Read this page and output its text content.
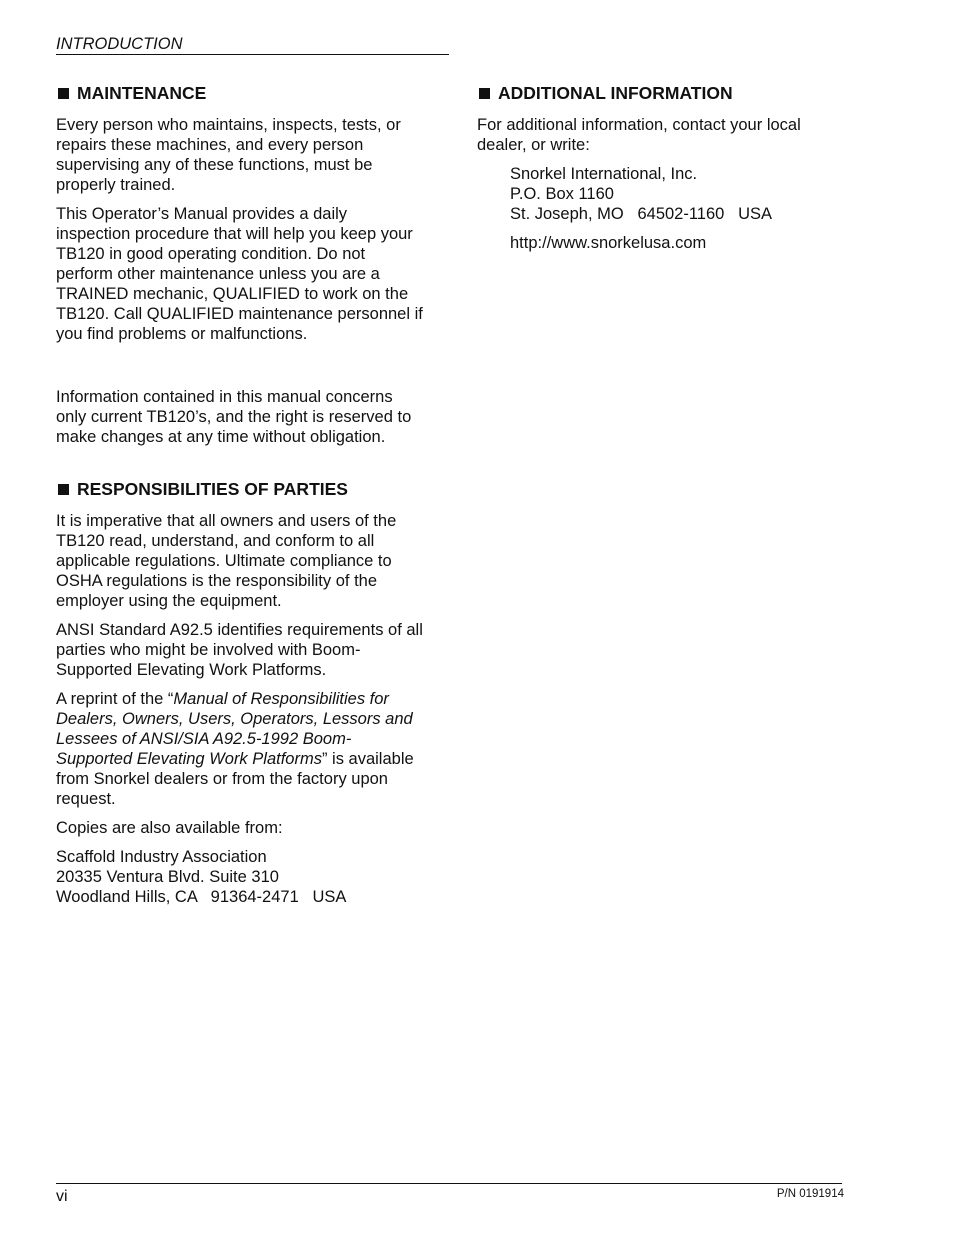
INTRODUCTION
MAINTENANCE

Every person who maintains, inspects, tests, or repairs these machines, and every person supervising any of these functions, must be properly trained.

This Operator’s Manual provides a daily inspection procedure that will help you keep your TB120 in good operating condition. Do not perform other maintenance unless you are a TRAINED mechanic, QUALIFIED to work on the TB120. Call QUALIFIED maintenance personnel if you find problems or malfunctions.

Information contained in this manual concerns only current TB120’s, and the right is reserved to make changes at any time without obligation.

RESPONSIBILITIES OF PARTIES

It is imperative that all owners and users of the TB120 read, understand, and conform to all applicable regulations. Ultimate compliance to OSHA regulations is the responsibility of the employer using the equipment.

ANSI Standard A92.5 identifies requirements of all parties who might be involved with Boom-Supported Elevating Work Platforms.

A reprint of the “Manual of Responsibilities for Dealers, Owners, Users, Operators, Lessors and Lessees of ANSI/SIA A92.5-1992 Boom-Supported Elevating Work Platforms” is available from Snorkel dealers or from the factory upon request.

Copies are also available from:

Scaffold Industry Association
20335 Ventura Blvd. Suite 310
Woodland Hills, CA   91364-2471   USA

ADDITIONAL INFORMATION

For additional information, contact your local dealer, or write:

Snorkel International, Inc.
P.O. Box 1160
St. Joseph, MO   64502-1160   USA

http://www.snorkelusa.com

vi	P/N 0191914
